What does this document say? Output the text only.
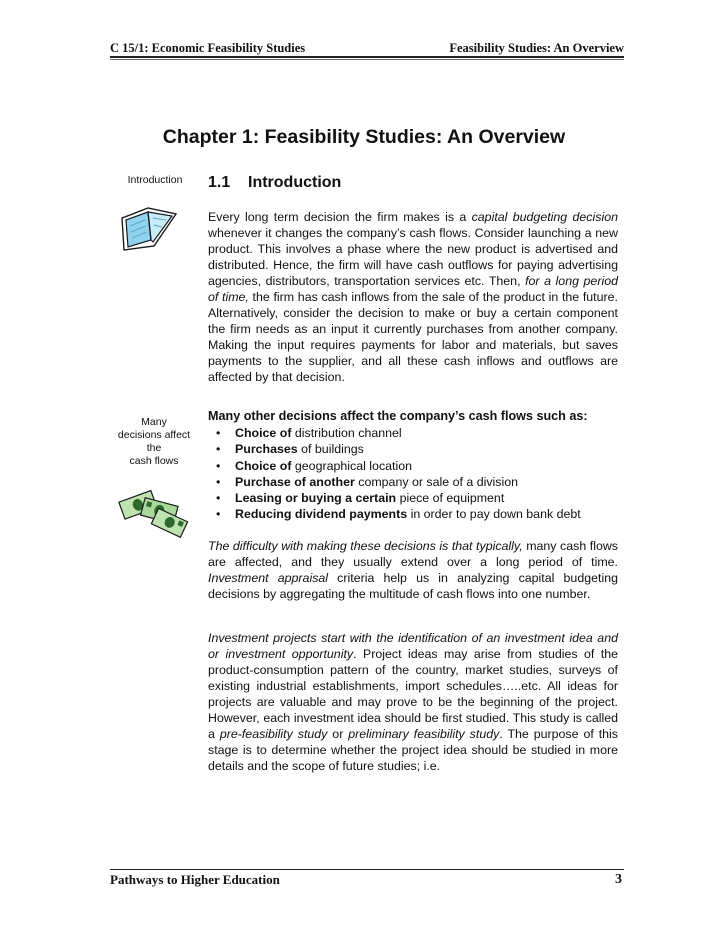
C 15/1: Economic Feasibility Studies	Feasibility Studies: An Overview
Chapter 1: Feasibility Studies: An Overview
Introduction	1.1 Introduction
Every long term decision the firm makes is a capital budgeting decision whenever it changes the company’s cash flows. Consider launching a new product. This involves a phase where the new product is advertised and distributed. Hence, the firm will have cash outflows for paying advertising agencies, distributors, transportation services etc. Then, for a long period of time, the firm has cash inflows from the sale of the product in the future. Alternatively, consider the decision to make or buy a certain component the firm needs as an input it currently purchases from another company. Making the input requires payments for labor and materials, but saves payments to the supplier, and all these cash inflows and outflows are affected by that decision.
Many
decisions affect
the
cash flows
Many other decisions affect the company’s cash flows such as:
• Choice of distribution channel
• Purchases of buildings
• Choice of geographical location
• Purchase of another company or sale of a division
• Leasing or buying a certain piece of equipment
• Reducing dividend payments in order to pay down bank debt
The difficulty with making these decisions is that typically, many cash flows are affected, and they usually extend over a long period of time. Investment appraisal criteria help us in analyzing capital budgeting decisions by aggregating the multitude of cash flows into one number.
Investment projects start with the identification of an investment idea and or investment opportunity. Project ideas may arise from studies of the product-consumption pattern of the country, market studies, surveys of existing industrial establishments, import schedules…..etc. All ideas for projects are valuable and may prove to be the beginning of the project. However, each investment idea should be first studied. This study is called a pre-feasibility study or preliminary feasibility study. The purpose of this stage is to determine whether the project idea should be studied in more details and the scope of future studies; i.e.
Pathways to Higher Education	3
